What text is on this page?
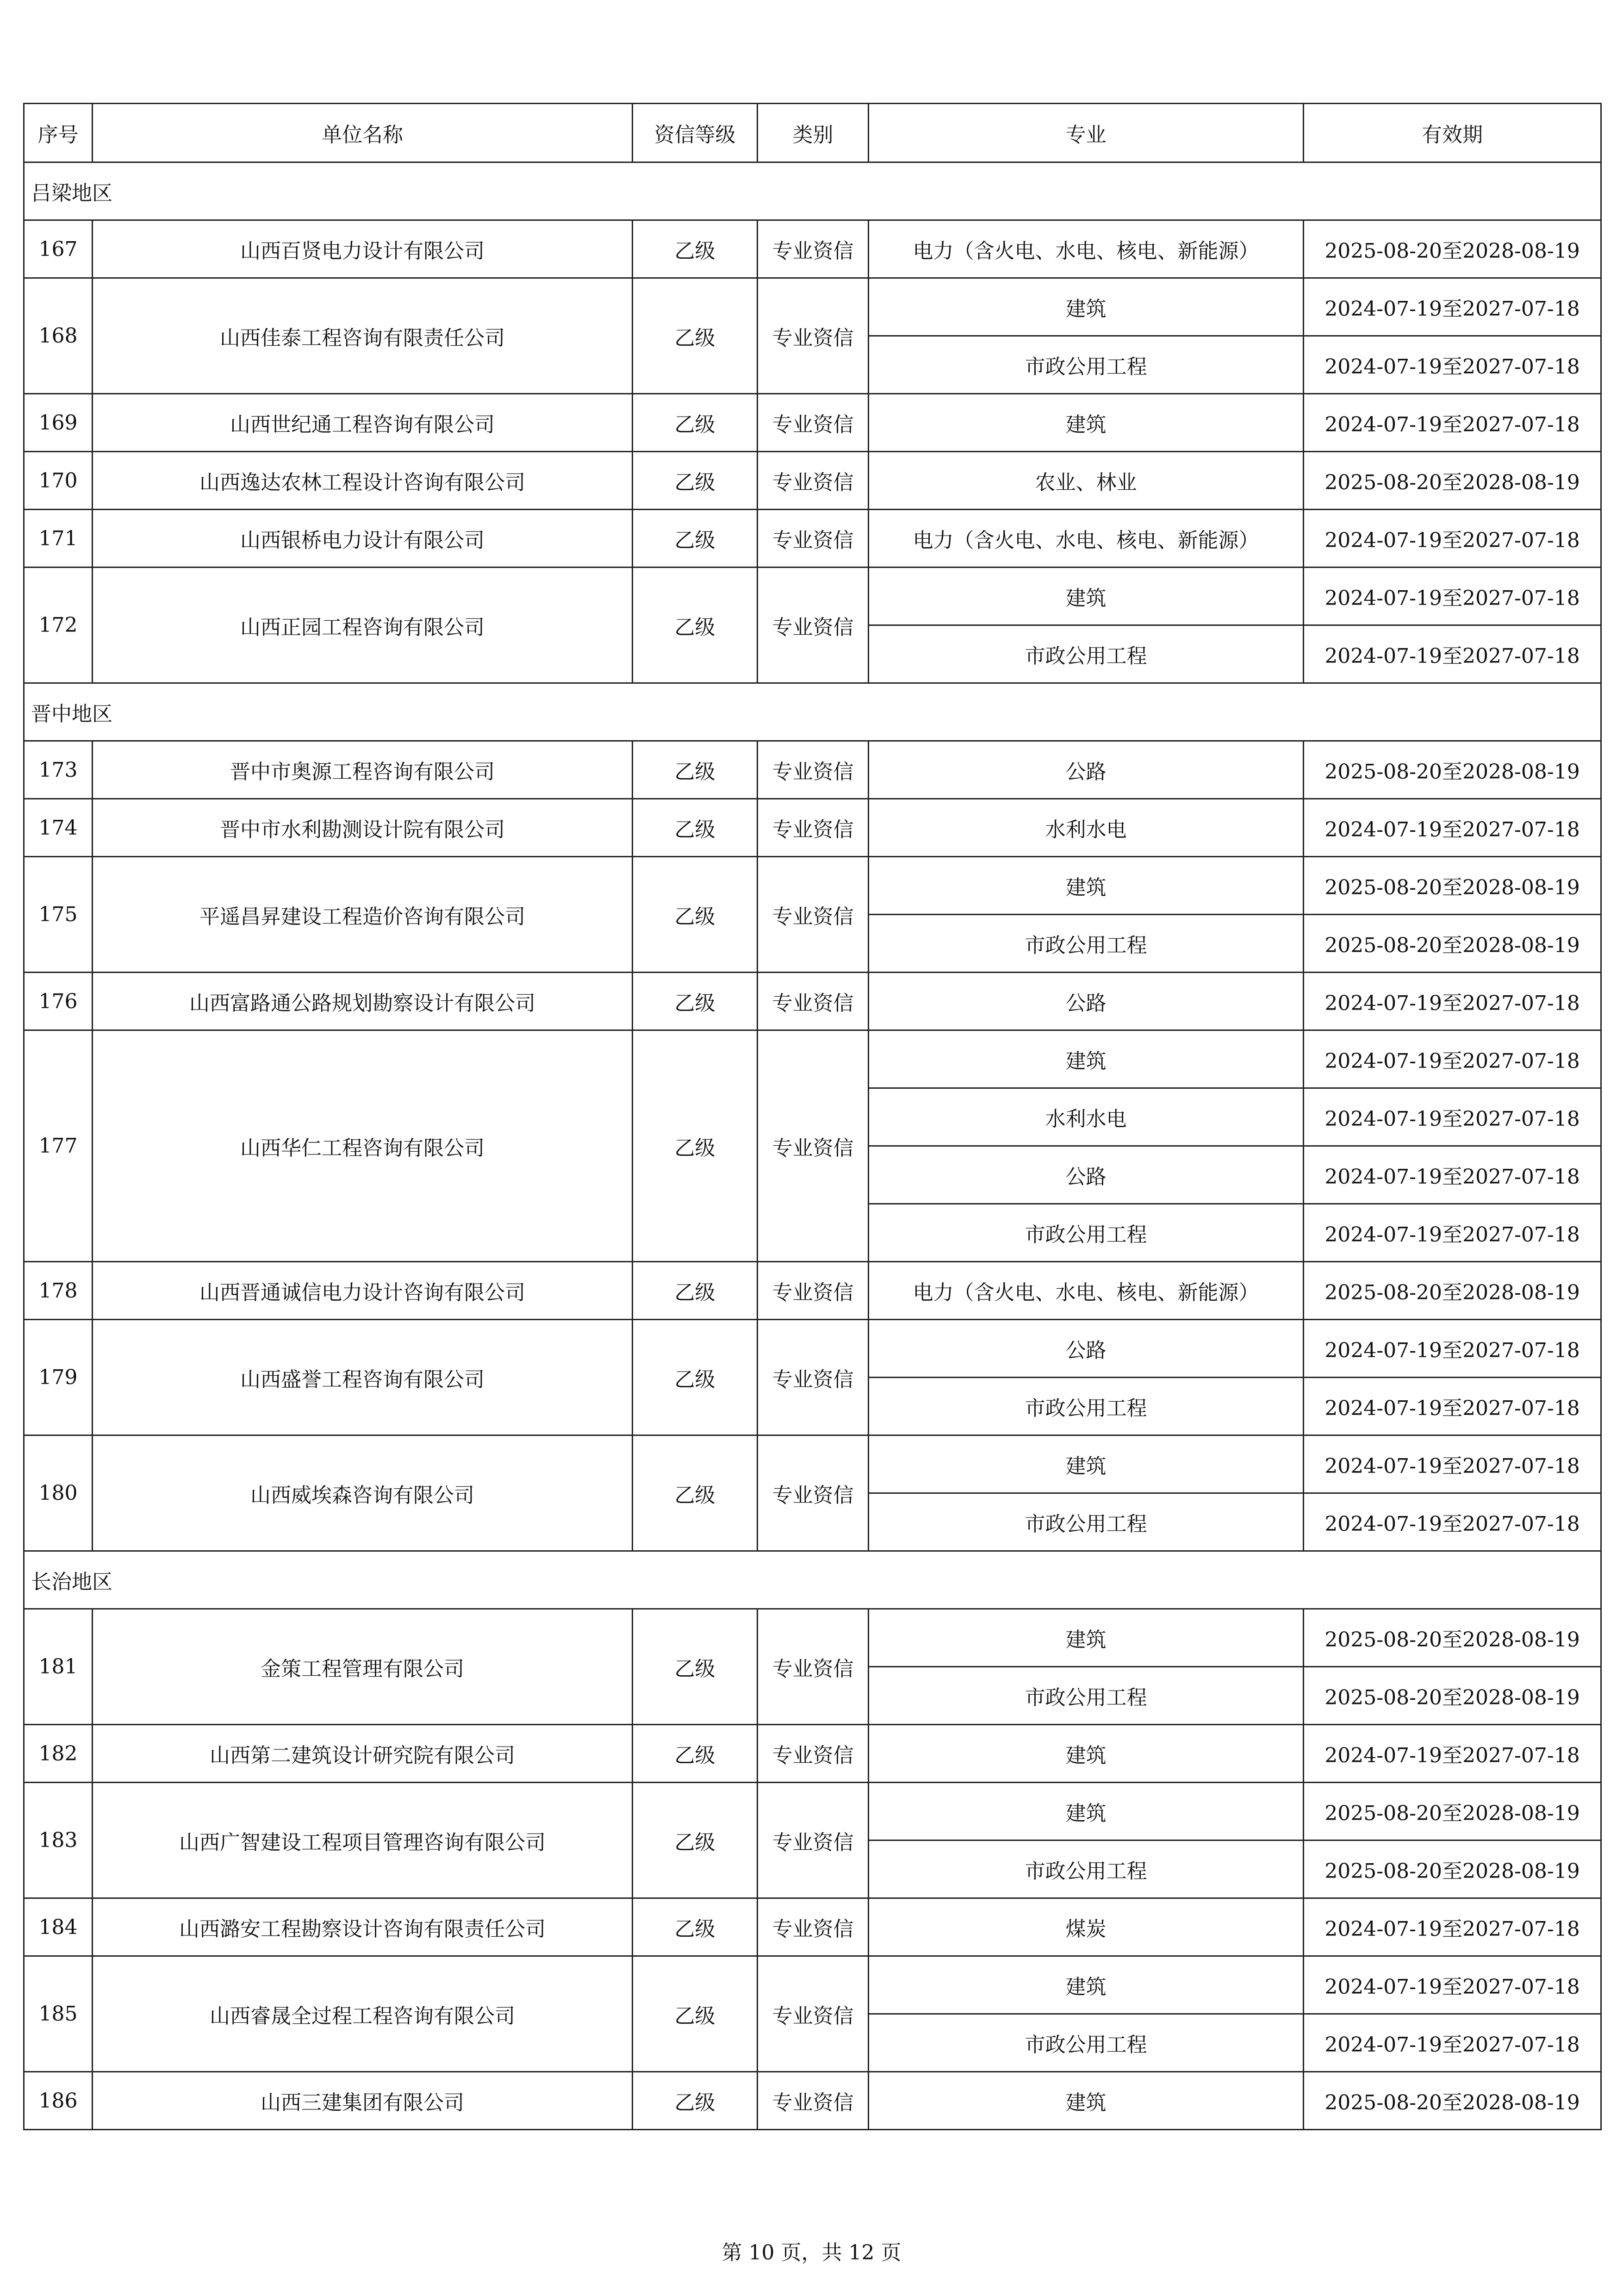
序号	单位名称	资信等级	类别	专业	有效期
吕梁地区					
167	山西百贤电力设计有限公司	乙级	专业资信	电力（含火电、水电、核电、新能源）	2025-08-20至2028-08-19
168	山西佳泰工程咨询有限责任公司	乙级	专业资信	建筑	2024-07-19至2027-07-18
				市政公用工程	2024-07-19至2027-07-18
169	山西世纪通工程咨询有限公司	乙级	专业资信	建筑	2024-07-19至2027-07-18
170	山西逸达农林工程设计咨询有限公司	乙级	专业资信	农业、林业	2025-08-20至2028-08-19
171	山西银桥电力设计有限公司	乙级	专业资信	电力（含火电、水电、核电、新能源）	2024-07-19至2027-07-18
172	山西正园工程咨询有限公司	乙级	专业资信	建筑	2024-07-19至2027-07-18
				市政公用工程	2024-07-19至2027-07-18
晋中地区					
173	晋中市奥源工程咨询有限公司	乙级	专业资信	公路	2025-08-20至2028-08-19
174	晋中市水利勘测设计院有限公司	乙级	专业资信	水利水电	2024-07-19至2027-07-18
175	平遥昌昇建设工程造价咨询有限公司	乙级	专业资信	建筑	2025-08-20至2028-08-19
				市政公用工程	2025-08-20至2028-08-19
176	山西富路通公路规划勘察设计有限公司	乙级	专业资信	公路	2024-07-19至2027-07-18
177	山西华仁工程咨询有限公司	乙级	专业资信	建筑	2024-07-19至2027-07-18
				水利水电	2024-07-19至2027-07-18
				公路	2024-07-19至2027-07-18
				市政公用工程	2024-07-19至2027-07-18
178	山西晋通诚信电力设计咨询有限公司	乙级	专业资信	电力（含火电、水电、核电、新能源）	2025-08-20至2028-08-19
179	山西盛誉工程咨询有限公司	乙级	专业资信	公路	2024-07-19至2027-07-18
				市政公用工程	2024-07-19至2027-07-18
180	山西威埃森咨询有限公司	乙级	专业资信	建筑	2024-07-19至2027-07-18
				市政公用工程	2024-07-19至2027-07-18
长治地区					
181	金策工程管理有限公司	乙级	专业资信	建筑	2025-08-20至2028-08-19
				市政公用工程	2025-08-20至2028-08-19
182	山西第二建筑设计研究院有限公司	乙级	专业资信	建筑	2024-07-19至2027-07-18
183	山西广智建设工程项目管理咨询有限公司	乙级	专业资信	建筑	2025-08-20至2028-08-19
				市政公用工程	2025-08-20至2028-08-19
184	山西潞安工程勘察设计咨询有限责任公司	乙级	专业资信	煤炭	2024-07-19至2027-07-18
185	山西睿晟全过程工程咨询有限公司	乙级	专业资信	建筑	2024-07-19至2027-07-18
				市政公用工程	2024-07-19至2027-07-18
186	山西三建集团有限公司	乙级	专业资信	建筑	2025-08-20至2028-08-19
第 10 页，共 12 页
